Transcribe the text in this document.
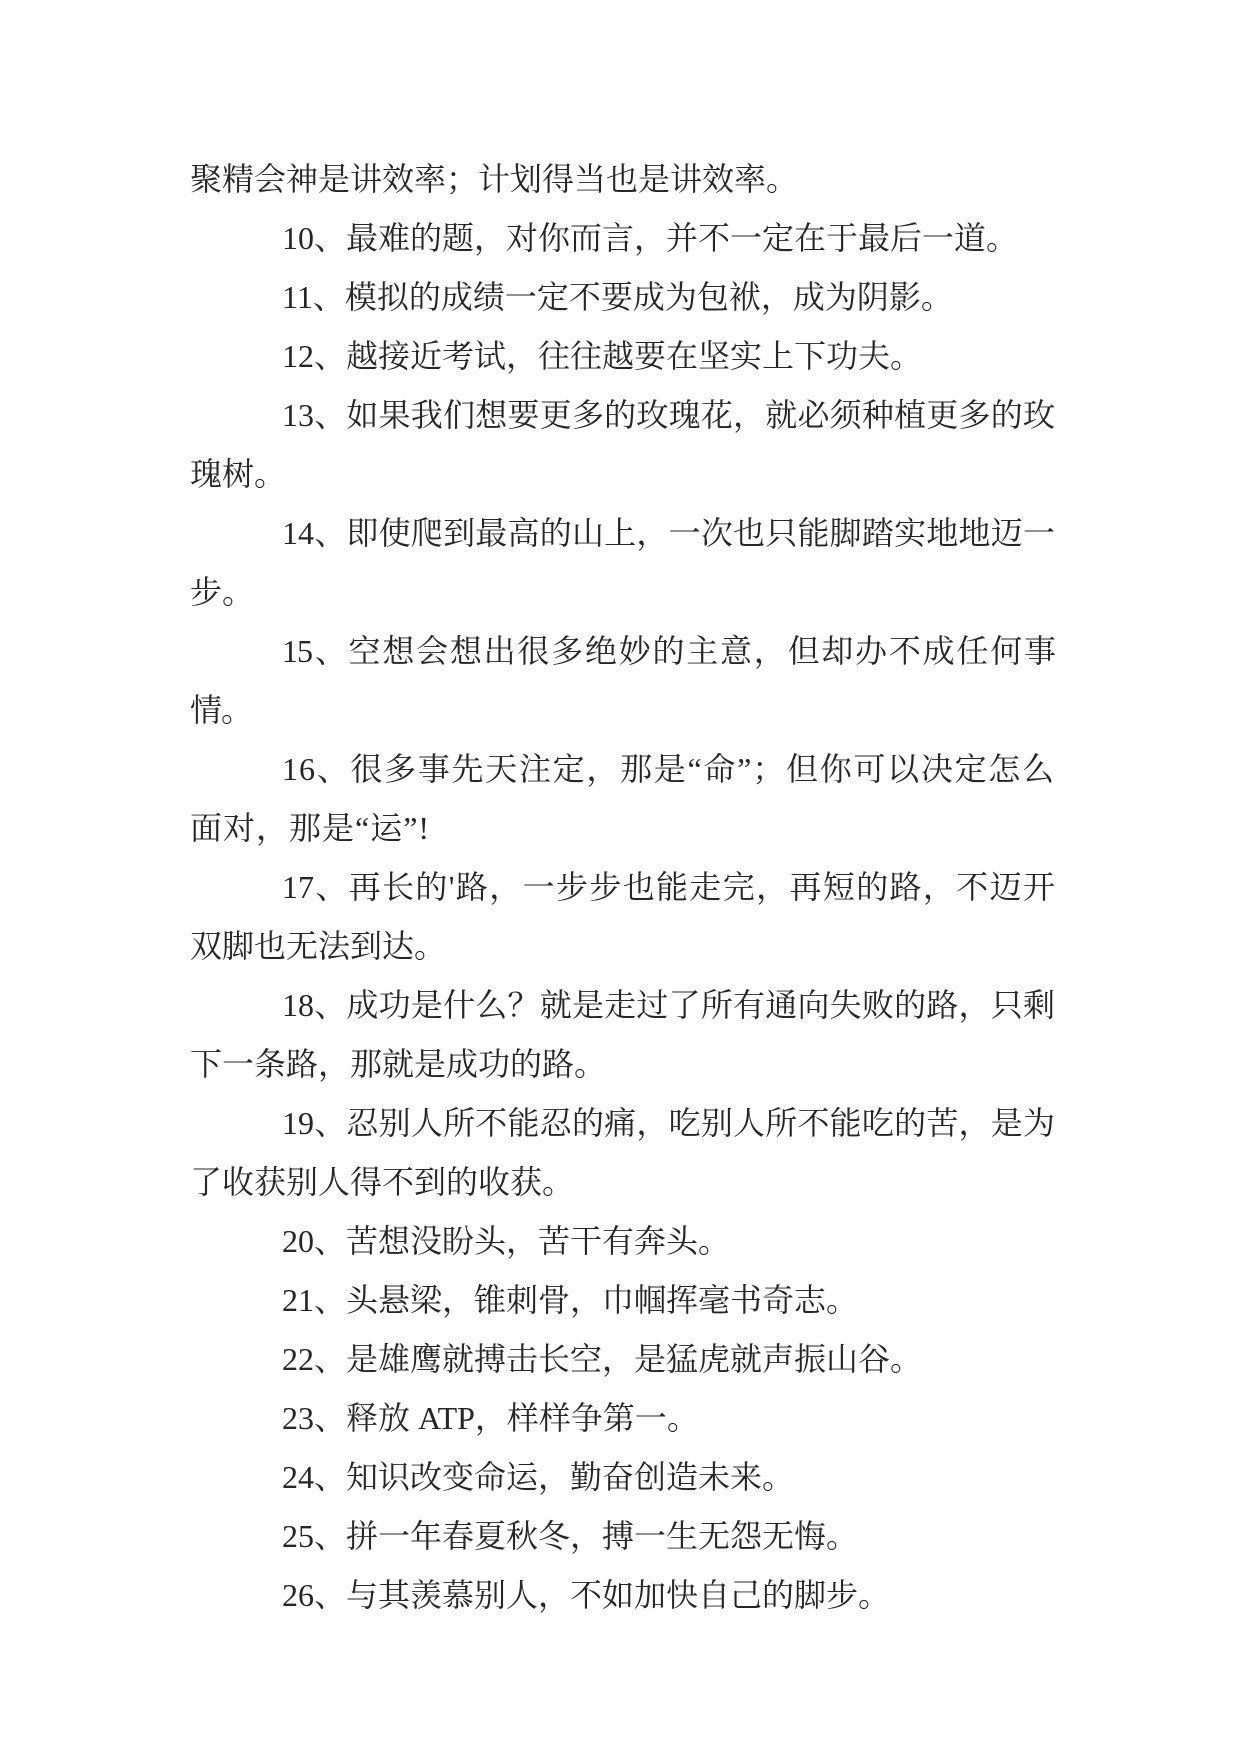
聚精会神是讲效率；计划得当也是讲效率。

10、最难的题，对你而言，并不一定在于最后一道。

11、模拟的成绩一定不要成为包袱，成为阴影。

12、越接近考试，往往越要在坚实上下功夫。

13、如果我们想要更多的玫瑰花，就必须种植更多的玫瑰树。

14、即使爬到最高的山上，一次也只能脚踏实地地迈一步。

15、空想会想出很多绝妙的主意，但却办不成任何事情。

16、很多事先天注定，那是“命”；但你可以决定怎么面对，那是“运”!

17、再长的'路，一步步也能走完，再短的路，不迈开双脚也无法到达。

18、成功是什么？就是走过了所有通向失败的路，只剩下一条路，那就是成功的路。

19、忍别人所不能忍的痛，吃别人所不能吃的苦，是为了收获别人得不到的收获。

20、苦想没盼头，苦干有奔头。

21、头悬梁，锥刺骨，巾帼挥毫书奇志。

22、是雄鹰就搏击长空，是猛虎就声振山谷。

23、释放 ATP，样样争第一。

24、知识改变命运，勤奋创造未来。

25、拼一年春夏秋冬，搏一生无怨无悔。

26、与其羡慕别人，不如加快自己的脚步。
